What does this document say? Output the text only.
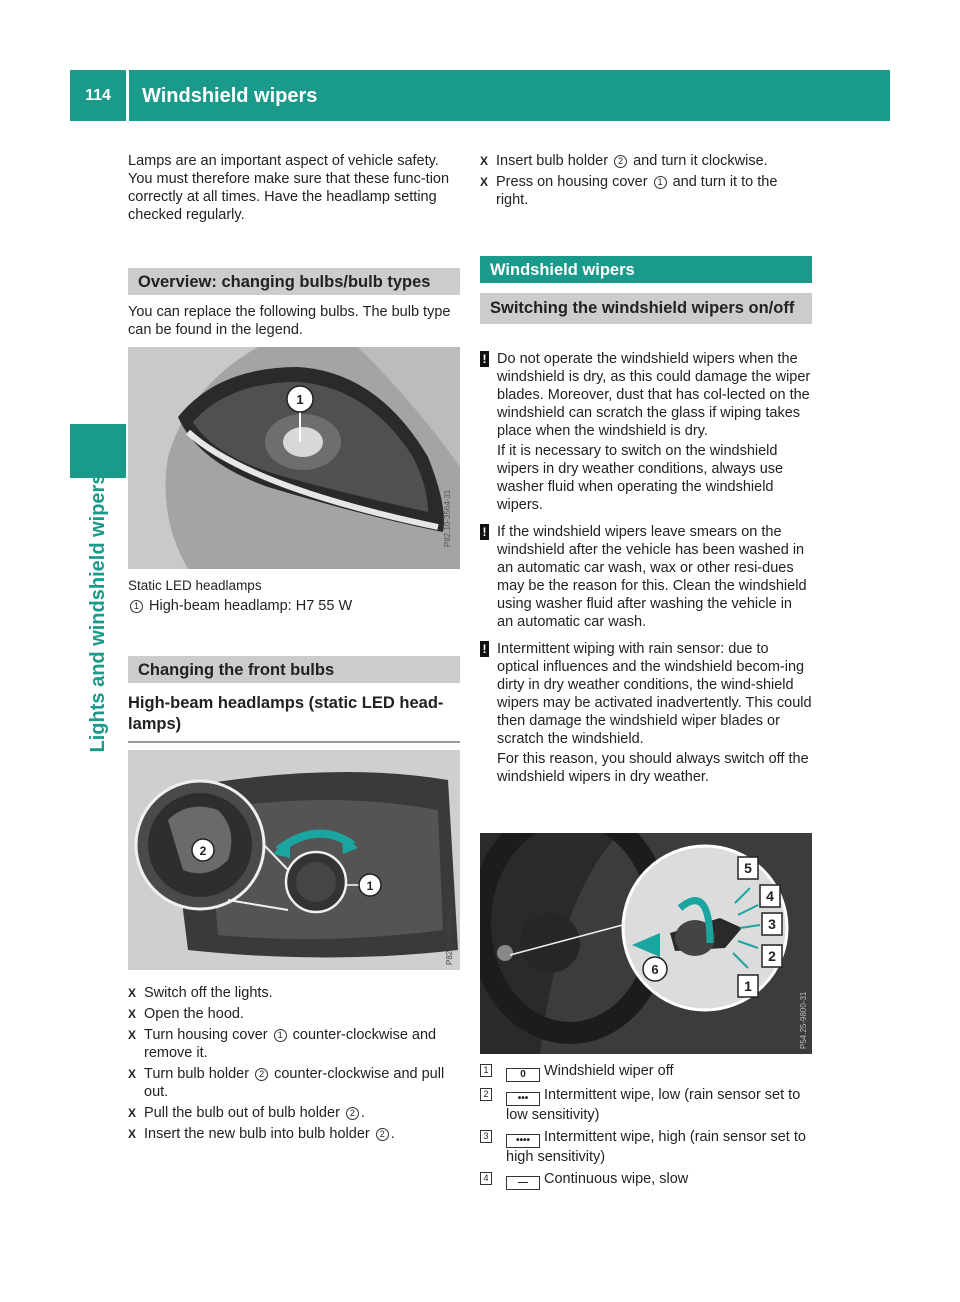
114	Windshield wipers
Lights and windshield wipers

Lamps are an important aspect of vehicle safety. You must therefore make sure that these func-tion correctly at all times. Have the headlamp setting checked regularly.

Overview: changing bulbs/bulb types

You can replace the following bulbs. The bulb type can be found in the legend.

1
P82.10-3564-31

Static LED headlamps

1 High-beam headlamp: H7 55 W

Changing the front bulbs
High-beam headlamps (static LED head-lamps)
1
2
P82.10-3565-31
X Switch off the lights.
X Open the hood.
X Turn housing cover 1 counter-clockwise and remove it.
X Turn bulb holder 2 counter-clockwise and pull out.
X Pull the bulb out of bulb holder 2 .
X Insert the new bulb into bulb holder 2 .
X Insert bulb holder 2 and turn it clockwise.
X Press on housing cover 1 and turn it to the right.
Windshield wipers
Switching the windshield wipers on/off
! Do not operate the windshield wipers when the windshield is dry, as this could damage the wiper blades. Moreover, dust that has col-lected on the windshield can scratch the glass if wiping takes place when the windshield is dry.

If it is necessary to switch on the windshield wipers in dry weather conditions, always use washer fluid when operating the windshield wipers.

! If the windshield wipers leave smears on the windshield after the vehicle has been washed in an automatic car wash, wax or other resi-dues may be the reason for this. Clean the windshield using washer fluid after washing the vehicle in an automatic car wash.

! Intermittent wiping with rain sensor: due to optical influences and the windshield becom-ing dirty in dry weather conditions, the wind-shield wipers may be activated inadvertently. This could then damage the windshield wiper blades or scratch the windshield.

For this reason, you should always switch off the windshield wipers in dry weather.

5
4
3
2
1
6
P54.25-9800-31
1	0 Windshield wiper off
2	••• Intermittent wipe, low (rain sensor set to low sensitivity)
3	•••• Intermittent wipe, high (rain sensor set to high sensitivity)
4	— Continuous wipe, slow
